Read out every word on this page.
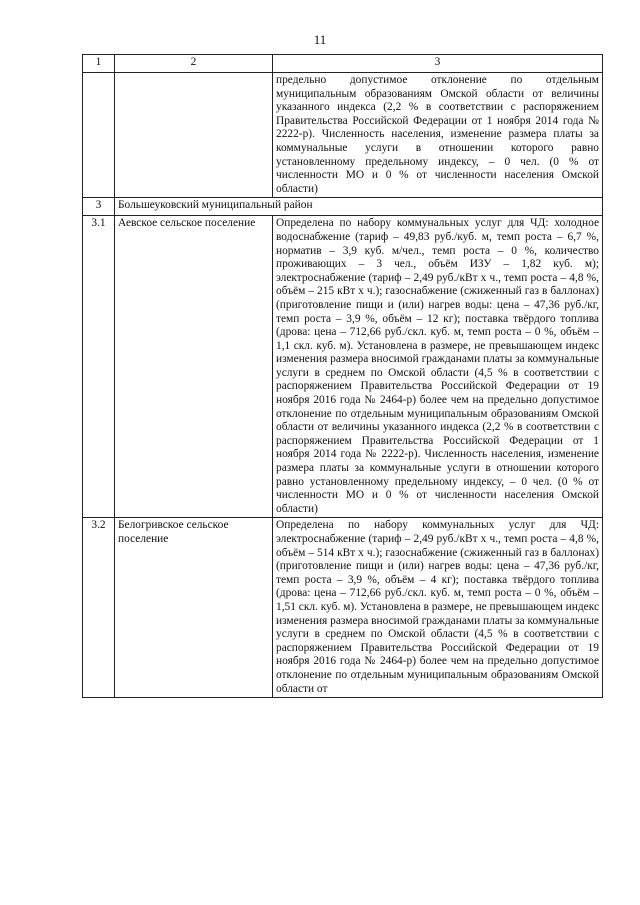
11
1	2	3
		предельно допустимое отклонение по отдельным муниципальным образованиям Омской области от величины указанного индекса (2,2 % в соответствии с распоряжением Правительства Российской Федерации от 1 ноября 2014 года № 2222-р). Численность населения, изменение размера платы за коммунальные услуги в отношении которого равно установленному предельному индексу, – 0 чел. (0 % от численности МО и 0 % от численности населения Омской области)
3	Большеуковский муниципальный район	
3.1	Аевское сельское поселение	Определена по набору коммунальных услуг для ЧД: холодное водоснабжение (тариф – 49,83 руб./куб. м, темп роста – 6,7 %, норматив – 3,9 куб. м/чел., темп роста – 0 %, количество проживающих – 3 чел., объём ИЗУ – 1,82 куб. м); электроснабжение (тариф – 2,49 руб./кВт х ч., темп роста – 4,8 %, объём – 215 кВт х ч.); газоснабжение (сжиженный газ в баллонах) (приготовление пищи и (или) нагрев воды: цена – 47,36 руб./кг, темп роста – 3,9 %, объём – 12 кг); поставка твёрдого топлива (дрова: цена – 712,66 руб./скл. куб. м, темп роста – 0 %, объём – 1,1 скл. куб. м). Установлена в размере, не превышающем индекс изменения размера вносимой гражданами платы за коммунальные услуги в среднем по Омской области (4,5 % в соответствии с распоряжением Правительства Российской Федерации от 19 ноября 2016 года № 2464-р) более чем на предельно допустимое отклонение по отдельным муниципальным образованиям Омской области от величины указанного индекса (2,2 % в соответствии с распоряжением Правительства Российской Федерации от 1 ноября 2014 года № 2222-р). Численность населения, изменение размера платы за коммунальные услуги в отношении которого равно установленному предельному индексу, – 0 чел. (0 % от численности МО и 0 % от численности населения Омской области)
3.2	Белогривское сельское поселение	Определена по набору коммунальных услуг для ЧД: электроснабжение (тариф – 2,49 руб./кВт х ч., темп роста – 4,8 %, объём – 514 кВт х ч.); газоснабжение (сжиженный газ в баллонах) (приготовление пищи и (или) нагрев воды: цена – 47,36 руб./кг, темп роста – 3,9 %, объём – 4 кг); поставка твёрдого топлива (дрова: цена – 712,66 руб./скл. куб. м, темп роста – 0 %, объём – 1,51 скл. куб. м). Установлена в размере, не превышающем индекс изменения размера вносимой гражданами платы за коммунальные услуги в среднем по Омской области (4,5 % в соответствии с распоряжением Правительства Российской Федерации от 19 ноября 2016 года № 2464-р) более чем на предельно допустимое отклонение по отдельным муниципальным образованиям Омской области от
